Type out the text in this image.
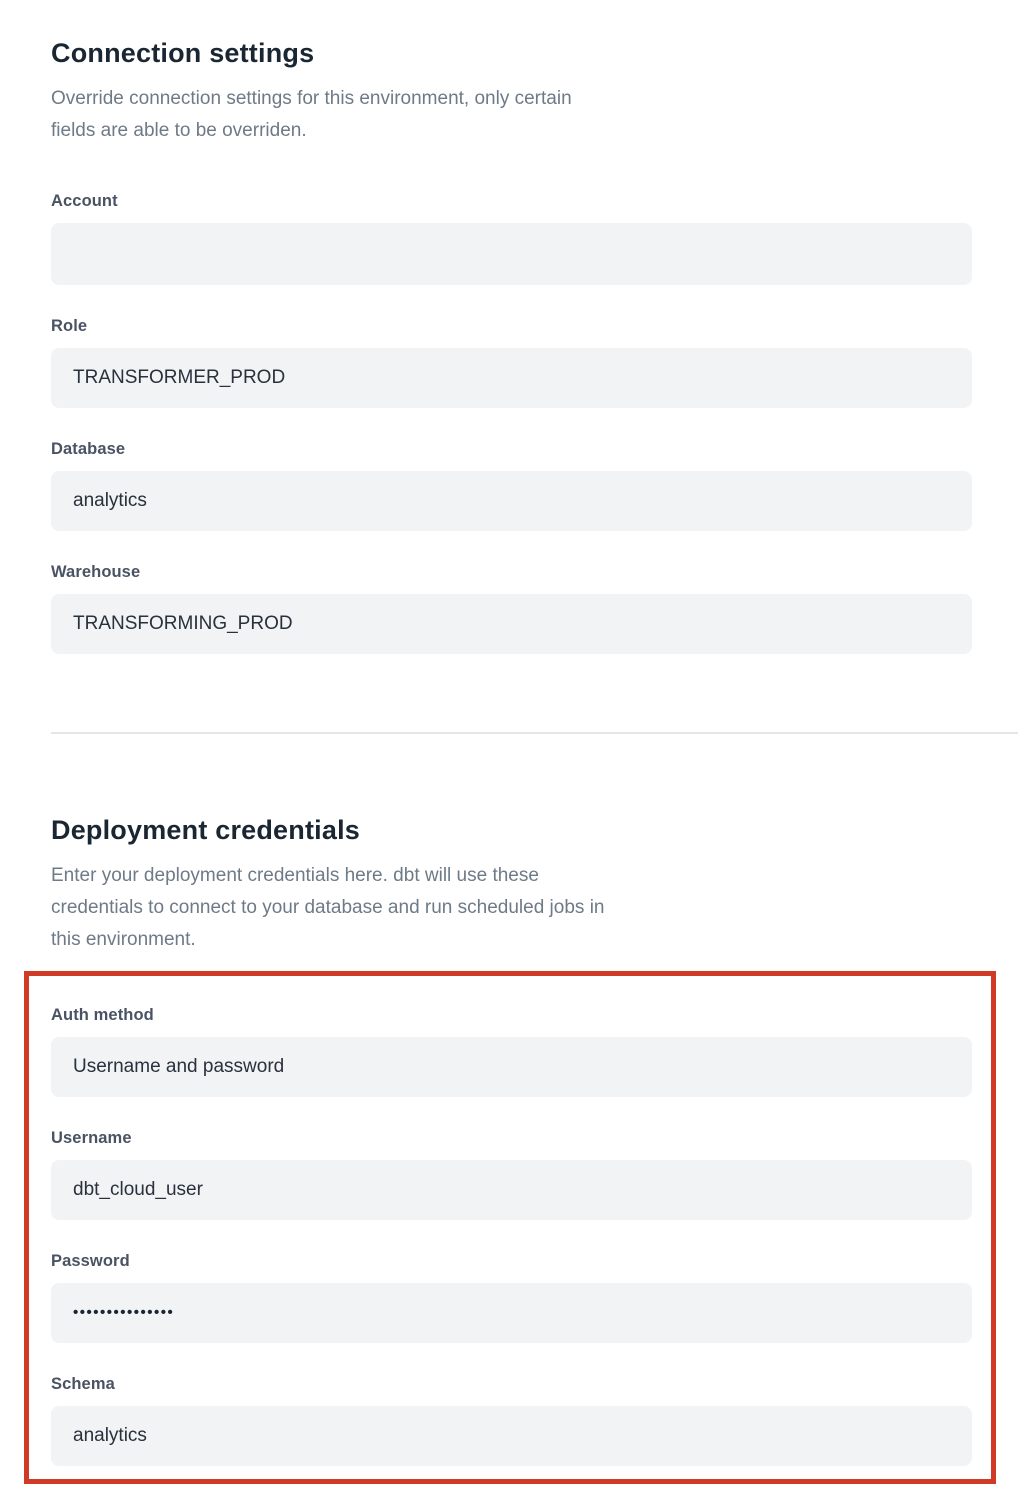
Connection settings

Override connection settings for this environment, only certain fields are able to be overriden.

Account
Role
TRANSFORMER_PROD
Database
analytics
Warehouse
TRANSFORMING_PROD
Deployment credentials

Enter your deployment credentials here. dbt will use these credentials to connect to your database and run scheduled jobs in this environment.

Auth method
Username and password
Username
dbt_cloud_user
Password
•••••••••••••••
Schema
analytics
